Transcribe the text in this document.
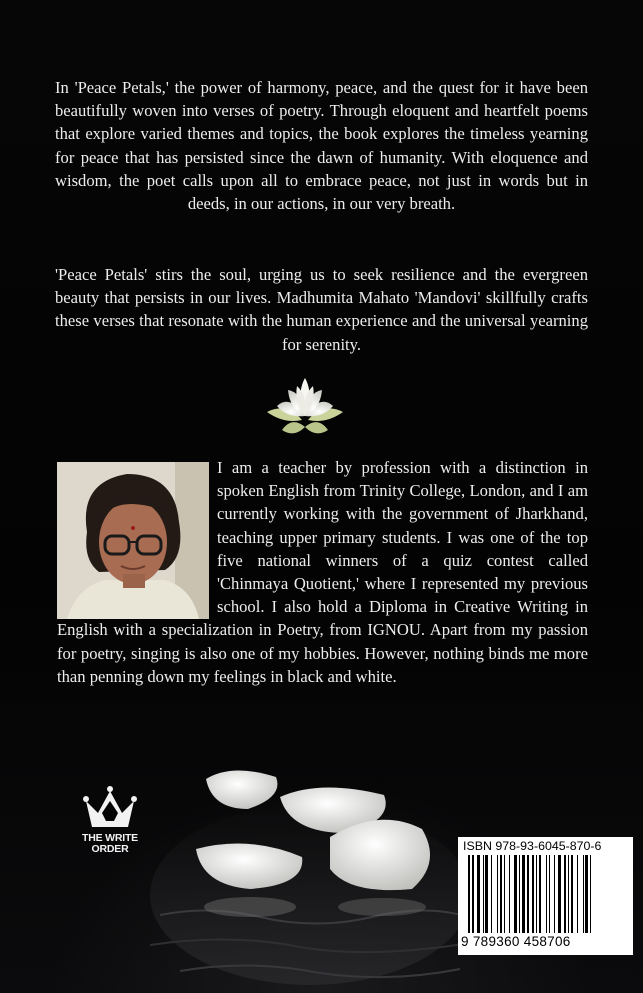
In 'Peace Petals,' the power of harmony, peace, and the quest for it have been beautifully woven into verses of poetry. Through eloquent and heartfelt poems that explore varied themes and topics, the book explores the timeless yearning for peace that has persisted since the dawn of humanity. With eloquence and wisdom, the poet calls upon all to embrace peace, not just in words but in deeds, in our actions, in our very breath.

'Peace Petals' stirs the soul, urging us to seek resilience and the evergreen beauty that persists in our lives. Madhumita Mahato 'Mandovi' skillfully crafts these verses that resonate with the human experience and the universal yearning for serenity.

I am a teacher by profession with a distinction in spoken English from Trinity College, London, and I am currently working with the government of Jharkhand, teaching upper primary students. I was one of the top five national winners of a quiz contest called 'Chinmaya Quotient,' where I represented my previous school. I also hold a Diploma in Creative Writing in English with a specialization in Poetry, from IGNOU. Apart from my passion for poetry, singing is also one of my hobbies. However, nothing binds me more than penning down my feelings in black and white.

THE WRITE
ORDER	ISBN 978-93-6045-870-6
9 789360 458706
